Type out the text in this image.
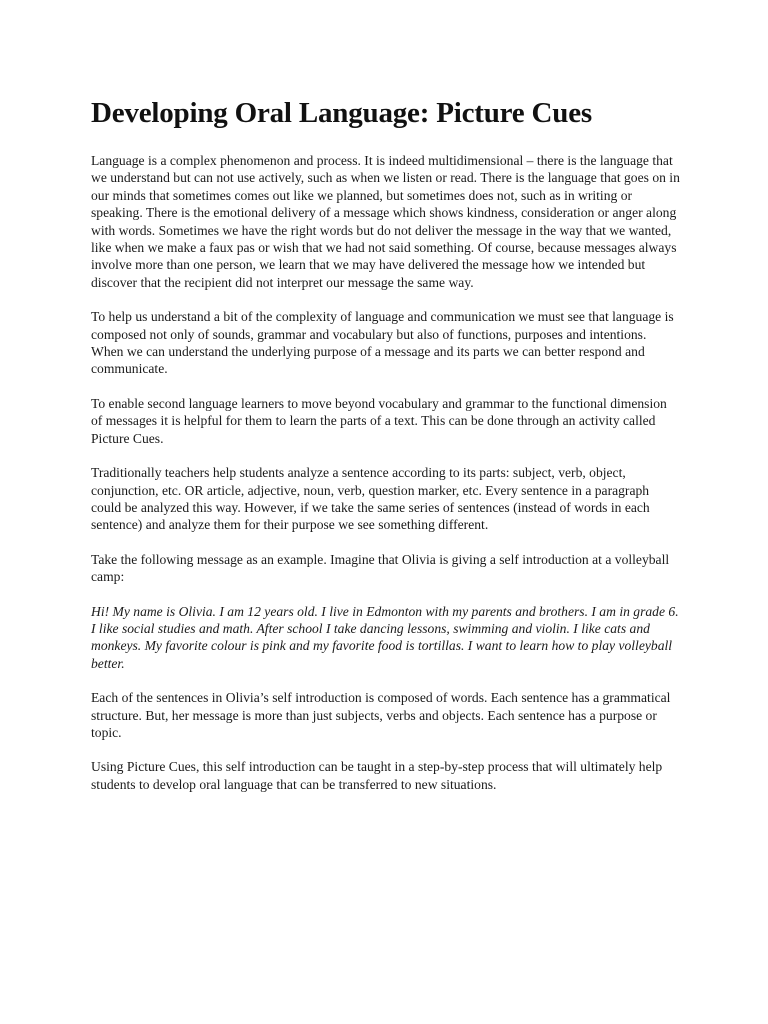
Developing Oral Language: Picture Cues

Language is a complex phenomenon and process. It is indeed multidimensional – there is the language that we understand but can not use actively, such as when we listen or read. There is the language that goes on in our minds that sometimes comes out like we planned, but sometimes does not, such as in writing or speaking. There is the emotional delivery of a message which shows kindness, consideration or anger along with words. Sometimes we have the right words but do not deliver the message in the way that we wanted, like when we make a faux pas or wish that we had not said something. Of course, because messages always involve more than one person, we learn that we may have delivered the message how we intended but discover that the recipient did not interpret our message the same way.

To help us understand a bit of the complexity of language and communication we must see that language is composed not only of sounds, grammar and vocabulary but also of functions, purposes and intentions. When we can understand the underlying purpose of a message and its parts we can better respond and communicate.

To enable second language learners to move beyond vocabulary and grammar to the functional dimension of messages it is helpful for them to learn the parts of a text. This can be done through an activity called Picture Cues.

Traditionally teachers help students analyze a sentence according to its parts: subject, verb, object, conjunction, etc. OR article, adjective, noun, verb, question marker, etc. Every sentence in a paragraph could be analyzed this way. However, if we take the same series of sentences (instead of words in each sentence) and analyze them for their purpose we see something different.

Take the following message as an example. Imagine that Olivia is giving a self introduction at a volleyball camp:

Hi! My name is Olivia. I am 12 years old. I live in Edmonton with my parents and brothers. I am in grade 6. I like social studies and math. After school I take dancing lessons, swimming and violin. I like cats and monkeys. My favorite colour is pink and my favorite food is tortillas. I want to learn how to play volleyball better.

Each of the sentences in Olivia’s self introduction is composed of words. Each sentence has a grammatical structure. But, her message is more than just subjects, verbs and objects. Each sentence has a purpose or topic.

Using Picture Cues, this self introduction can be taught in a step-by-step process that will ultimately help students to develop oral language that can be transferred to new situations.
